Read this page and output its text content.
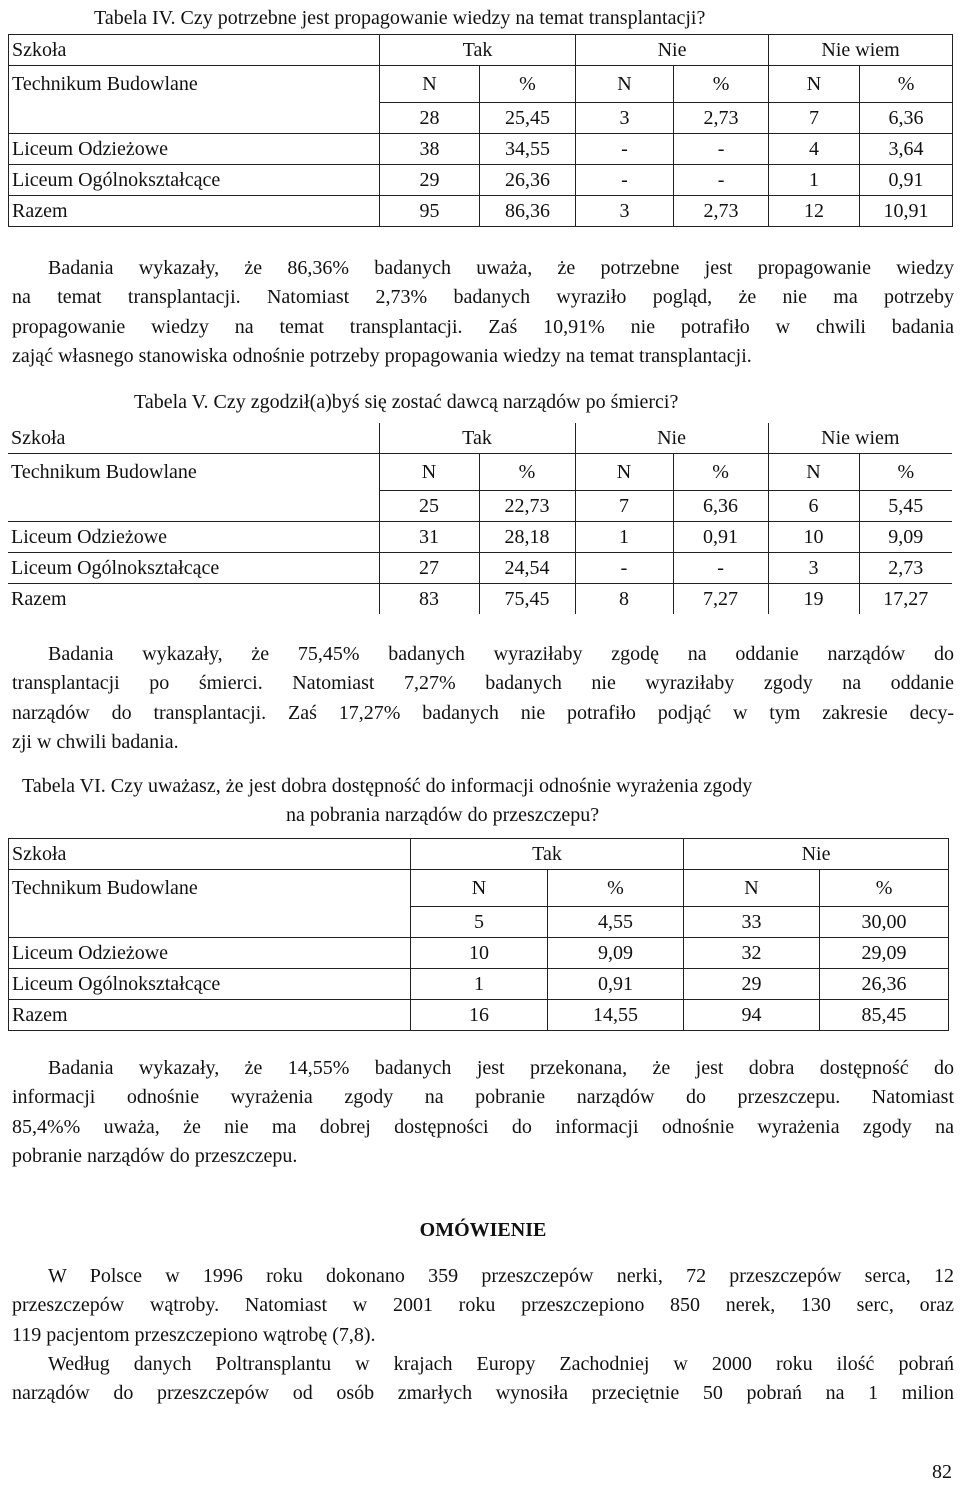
Tabela IV. Czy potrzebne jest propagowanie wiedzy na temat transplantacji?
Szkoła	Tak		Nie		Nie wiem	
Technikum Budowlane	N	%	N	%	N	%
	28	25,45	3	2,73	7	6,36
Liceum Odzieżowe	38	34,55	-	-	4	3,64
Liceum Ogólnokształcące	29	26,36	-	-	1	0,91
Razem	95	86,36	3	2,73	12	10,91
Badania wykazały, że 86,36% badanych uważa, że potrzebne jest propagowanie wiedzy
na temat transplantacji. Natomiast 2,73% badanych wyraziło pogląd, że nie ma potrzeby
propagowanie wiedzy na temat transplantacji. Zaś 10,91% nie potrafiło w chwili badania
zająć własnego stanowiska odnośnie potrzeby propagowania wiedzy na temat transplantacji.
Tabela V. Czy zgodził(a)byś się zostać dawcą narządów po śmierci?
Szkoła	Tak		Nie		Nie wiem	
Technikum Budowlane	N	%	N	%	N	%
	25	22,73	7	6,36	6	5,45
Liceum Odzieżowe	31	28,18	1	0,91	10	9,09
Liceum Ogólnokształcące	27	24,54	-	-	3	2,73
Razem	83	75,45	8	7,27	19	17,27
Badania wykazały, że 75,45% badanych wyraziłaby zgodę na oddanie narządów do
transplantacji po śmierci. Natomiast 7,27% badanych nie wyraziłaby zgody na oddanie
narządów do transplantacji. Zaś 17,27% badanych nie potrafiło podjąć w tym zakresie decy-
zji w chwili badania.
Tabela VI. Czy uważasz, że jest dobra dostępność do informacji odnośnie wyrażenia zgody
na pobrania narządów do przeszczepu?
Szkoła	Tak		Nie	
Technikum Budowlane	N	%	N	%
	5	4,55	33	30,00
Liceum Odzieżowe	10	9,09	32	29,09
Liceum Ogólnokształcące	1	0,91	29	26,36
Razem	16	14,55	94	85,45
Badania wykazały, że 14,55% badanych jest przekonana, że jest dobra dostępność do
informacji odnośnie wyrażenia zgody na pobranie narządów do przeszczepu. Natomiast
85,4%% uważa, że nie ma dobrej dostępności do informacji odnośnie wyrażenia zgody na
pobranie narządów do przeszczepu.
OMÓWIENIE
W Polsce w 1996 roku dokonano 359 przeszczepów nerki, 72 przeszczepów serca, 12
przeszczepów wątroby. Natomiast w 2001 roku przeszczepiono 850 nerek, 130 serc, oraz
119 pacjentom przeszczepiono wątrobę (7,8).
Według danych Poltransplantu w krajach Europy Zachodniej w 2000 roku ilość pobrań
narządów do przeszczepów od osób zmarłych wynosiła przeciętnie 50 pobrań na 1 milion
82
